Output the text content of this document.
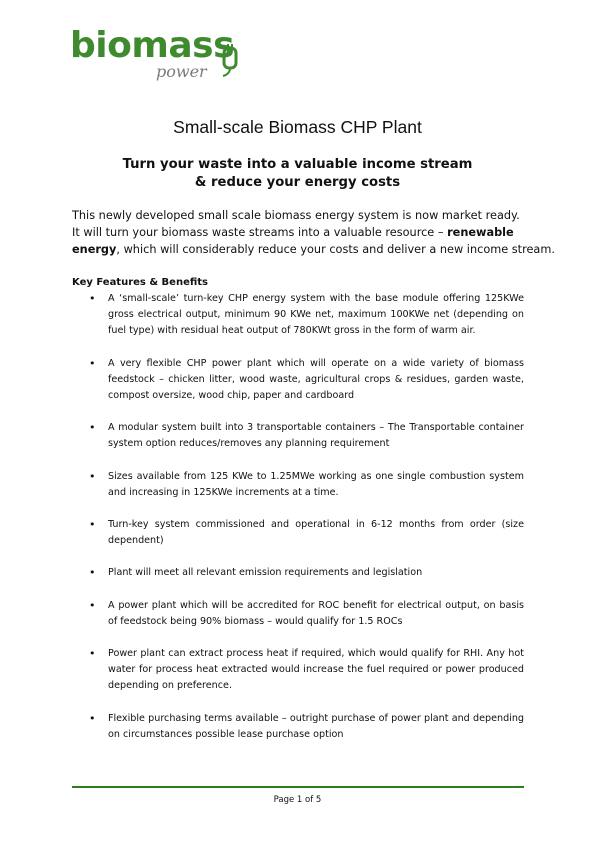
biomass
power
Small-scale Biomass CHP Plant
Turn your waste into a valuable income stream
& reduce your energy costs
This newly developed small scale biomass energy system is now market ready.
It will turn your biomass waste streams into a valuable resource – renewable
energy, which will considerably reduce your costs and deliver a new income stream.
Key Features & Benefits
• A ‘small-scale’ turn-key CHP energy system with the base module offering 125KWe gross electrical output, minimum 90 KWe net, maximum 100KWe net (depending on fuel type) with residual heat output of 780KWt gross in the form of warm air.
• A very flexible CHP power plant which will operate on a wide variety of biomass feedstock – chicken litter, wood waste, agricultural crops & residues, garden waste, compost oversize, wood chip, paper and cardboard
• A modular system built into 3 transportable containers – The Transportable container system option reduces/removes any planning requirement
• Sizes available from 125 KWe to 1.25MWe working as one single combustion system and increasing in 125KWe increments at a time.
• Turn-key system commissioned and operational in 6-12 months from order (size dependent)
• Plant will meet all relevant emission requirements and legislation
• A power plant which will be accredited for ROC benefit for electrical output, on basis of feedstock being 90% biomass – would qualify for 1.5 ROCs
• Power plant can extract process heat if required, which would qualify for RHI. Any hot water for process heat extracted would increase the fuel required or power produced depending on preference.
• Flexible purchasing terms available – outright purchase of power plant and depending on circumstances possible lease purchase option
Page 1 of 5
